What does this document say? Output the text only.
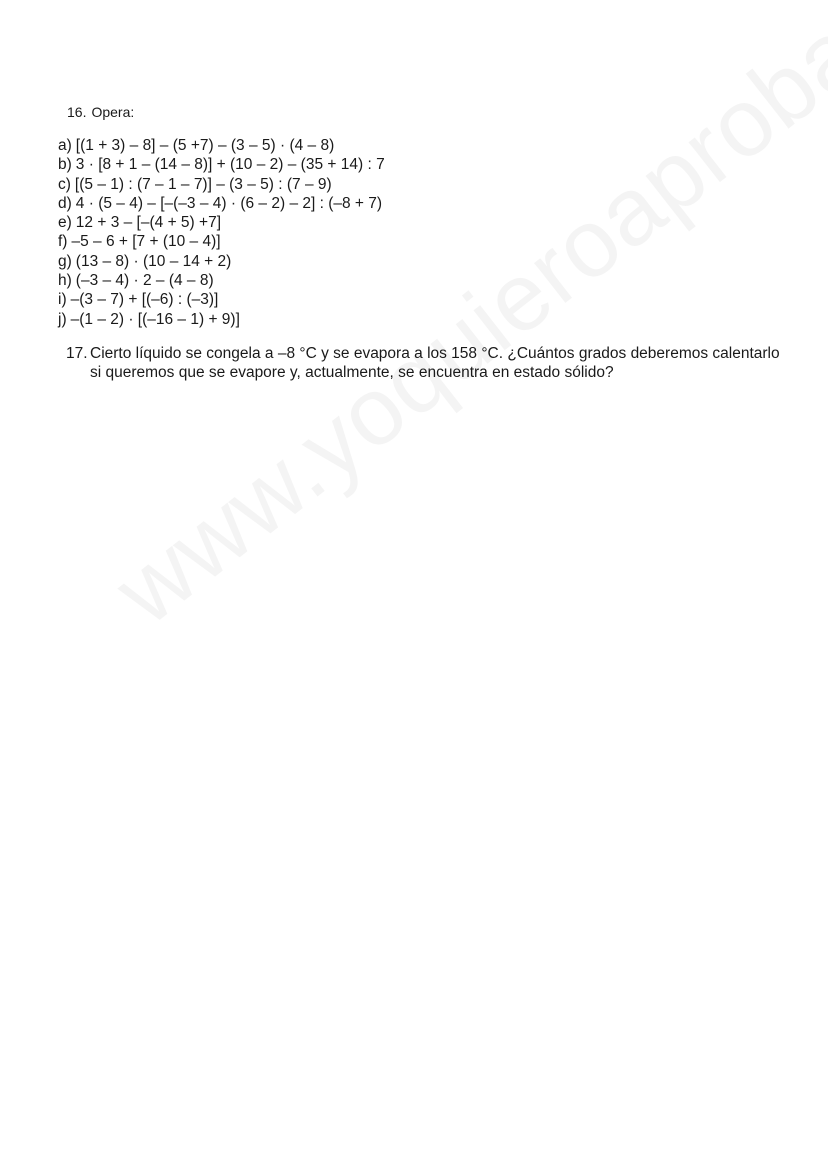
16. Opera:
a) [(1 + 3) – 8] – (5 +7) – (3 – 5) · (4 – 8)
b) 3 · [8 + 1 – (14 – 8)] + (10 – 2) – (35 + 14) : 7
c) [(5 – 1) : (7 – 1 – 7)] – (3 – 5) : (7 – 9)
d) 4 · (5 – 4) – [–(–3 – 4) · (6 – 2) – 2] : (–8 + 7)
e) 12 + 3 – [–(4 + 5) +7]
f) –5 – 6 + [7 + (10 – 4)]
g) (13 – 8) · (10 – 14 + 2)
h) (–3 – 4) · 2 – (4 – 8)
i) –(3 – 7) + [(–6) : (–3)]
j) –(1 – 2) · [(–16 – 1) + 9)]
17. Cierto líquido se congela a –8 °C y se evapora a los 158 °C. ¿Cuántos grados deberemos calentarlo si queremos que se evapore y, actualmente, se encuentra en estado sólido?
